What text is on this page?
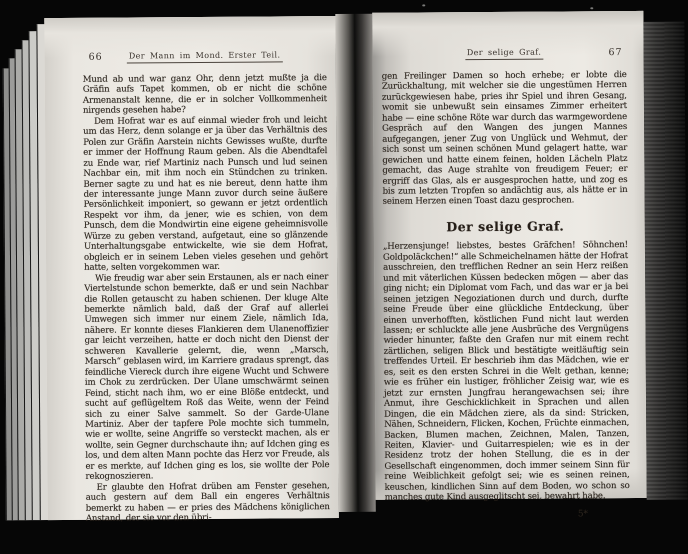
66	Der Mann im Mond. Erster Teil.

Mund ab und war ganz Ohr, denn jetzt mußte ja die Gräfin aufs Tapet kommen, ob er nicht die schöne Armenanstalt kenne, die er in solcher Vollkommenheit nirgends gesehen habe?

Dem Hofrat war es auf einmal wieder froh und leicht um das Herz, denn solange er ja über das Verhältnis des Polen zur Gräfin Aarstein nichts Gewisses wußte, durfte er immer der Hoffnung Raum geben. Als die Abendtafel zu Ende war, rief Martiniz nach Punsch und lud seinen Nachbar ein, mit ihm noch ein Stündchen zu trinken. Berner sagte zu und hat es nie bereut, denn hatte ihm der interessante junge Mann zuvor durch seine äußere Persönlichkeit imponiert, so gewann er jetzt ordentlich Respekt vor ihm, da jener, wie es schien, von dem Punsch, dem die Mondwirtin eine eigene geheimnisvolle Würze zu geben verstand, aufgetaut, eine so glänzende Unterhaltungsgabe entwickelte, wie sie dem Hofrat, obgleich er in seinem Leben vieles gesehen und gehört hatte, selten vorgekommen war.

Wie freudig war aber sein Erstaunen, als er nach einer Viertelstunde schon bemerkte, daß er und sein Nachbar die Rollen getauscht zu haben schienen. Der kluge Alte bemerkte nämlich bald, daß der Graf auf allerlei Umwegen sich immer nur einem Ziele, nämlich Ida, nähere. Er konnte dieses Flankieren dem Ulanenoffizier gar leicht verzeihen, hatte er doch nicht den Dienst der schweren Kavallerie gelernt, die, wenn „Marsch, Marsch“ geblasen wird, im Karriere gradaus sprengt, das feindliche Viereck durch ihre eigene Wucht und Schwere im Chok zu zerdrücken. Der Ulane umschwärmt seinen Feind, sticht nach ihm, wo er eine Blöße entdeckt, und sucht auf geflügeltem Roß das Weite, wenn der Feind sich zu einer Salve sammelt. So der Garde-Ulane Martiniz. Aber der tapfere Pole mochte sich tummeln, wie er wollte, seine Angriffe so versteckt machen, als er wollte, sein Gegner durchschaute ihn; auf Idchen ging es los, und dem alten Mann pochte das Herz vor Freude, als er es merkte, auf Idchen ging es los, sie wollte der Pole rekognoszieren.

Er glaubte den Hofrat drüben am Fenster gesehen, auch gestern auf dem Ball ein engeres Verhältnis bemerkt zu haben — er pries des Mädchens königlichen Anstand, der sie vor den übri-

Der selige Graf.	67

gen Freilinger Damen so hoch erhebe; er lobte die Zurückhaltung, mit welcher sie die ungestümen Herren zurückgewiesen habe, pries ihr Spiel und ihren Gesang, womit sie unbewußt sein einsames Zimmer erheitert habe — eine schöne Röte war durch das warmgewordene Gespräch auf den Wangen des jungen Mannes aufgegangen, jener Zug von Unglück und Wehmut, der sich sonst um seinen schönen Mund gelagert hatte, war gewichen und hatte einem feinen, holden Lächeln Platz gemacht, das Auge strahlte von freudigem Feuer; er ergriff das Glas, als er ausgesprochen hatte, und zog es bis zum letzten Tropfen so andächtig aus, als hätte er in seinem Herzen einen Toast dazu gesprochen.

Der selige Graf.

„Herzensjunge! liebstes, bestes Gräfchen! Söhnchen! Goldpoläckchen!“ alle Schmeichelnamen hätte der Hofrat ausschreien, den trefflichen Redner an sein Herz reißen und mit väterlichen Küssen bedecken mögen — aber das ging nicht; ein Diplomat vom Fach, und das war er ja bei seinen jetzigen Negoziationen durch und durch, durfte seine Freude über eine glückliche Entdeckung, über einen unverhofften, köstlichen Fund nicht laut werden lassen; er schluckte alle jene Ausbrüche des Vergnügens wieder hinunter, faßte den Grafen nur mit einem recht zärtlichen, seligen Blick und bestätigte weitläuftig sein treffendes Urteil. Er beschrieb ihm das Mädchen, wie er es, seit es den ersten Schrei in die Welt gethan, kenne; wie es früher ein lustiger, fröhlicher Zeisig war, wie es jetzt zur ernsten Jungfrau herangewachsen sei; ihre Anmut, ihre Geschicklichkeit in Sprachen und allen Dingen, die ein Mädchen ziere, als da sind: Stricken, Nähen, Schneidern, Flicken, Kochen, Früchte einmachen, Backen, Blumen machen, Zeichnen, Malen, Tanzen, Reiten, Klavier- und Guitarrespielen; wie es in der Residenz trotz der hohen Stellung, die es in der Gesellschaft eingenommen, doch immer seinem Sinn für reine Weiblichkeit gefolgt sei; wie es seinen reinen, keuschen, kindlichen Sinn auf dem Boden, wo schon so manches gute Kind ausgeglitscht sei, bewahrt habe.

5*
